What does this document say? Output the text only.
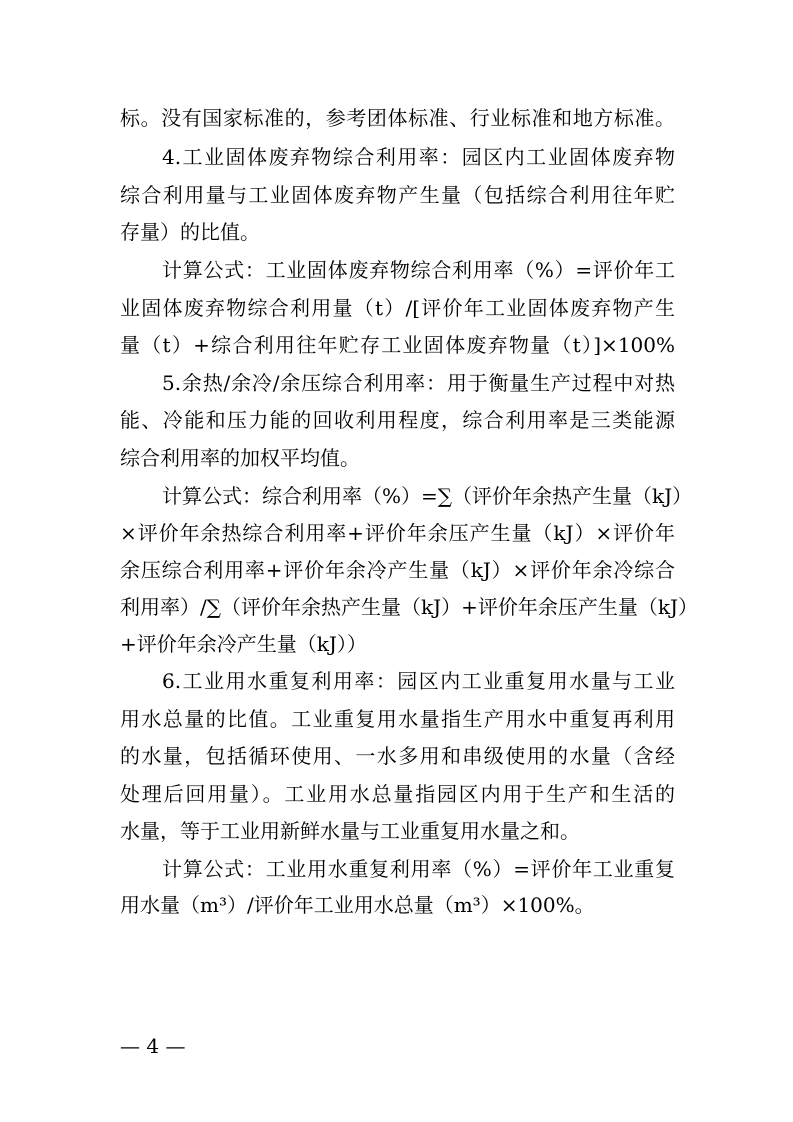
标。没有国家标准的，参考团体标准、行业标准和地方标准。
4.工业固体废弃物综合利用率：园区内工业固体废弃物
综合利用量与工业固体废弃物产生量（包括综合利用往年贮
存量）的比值。
计算公式：工业固体废弃物综合利用率（%）=评价年工
业固体废弃物综合利用量（t）/[评价年工业固体废弃物产生
量（t）+综合利用往年贮存工业固体废弃物量（t）]×100%
5.余热/余冷/余压综合利用率：用于衡量生产过程中对热
能、冷能和压力能的回收利用程度，综合利用率是三类能源
综合利用率的加权平均值。
计算公式：综合利用率（%）=∑（评价年余热产生量（kJ）
×评价年余热综合利用率+评价年余压产生量（kJ）×评价年
余压综合利用率+评价年余冷产生量（kJ）×评价年余冷综合
利用率）/∑（评价年余热产生量（kJ）+评价年余压产生量（kJ）
+评价年余冷产生量（kJ））
6.工业用水重复利用率：园区内工业重复用水量与工业
用水总量的比值。工业重复用水量指生产用水中重复再利用
的水量，包括循环使用、一水多用和串级使用的水量（含经
处理后回用量）。工业用水总量指园区内用于生产和生活的
水量，等于工业用新鲜水量与工业重复用水量之和。
计算公式：工业用水重复利用率（%）=评价年工业重复
用水量（m³）/评价年工业用水总量（m³）×100%。
— 4 —
